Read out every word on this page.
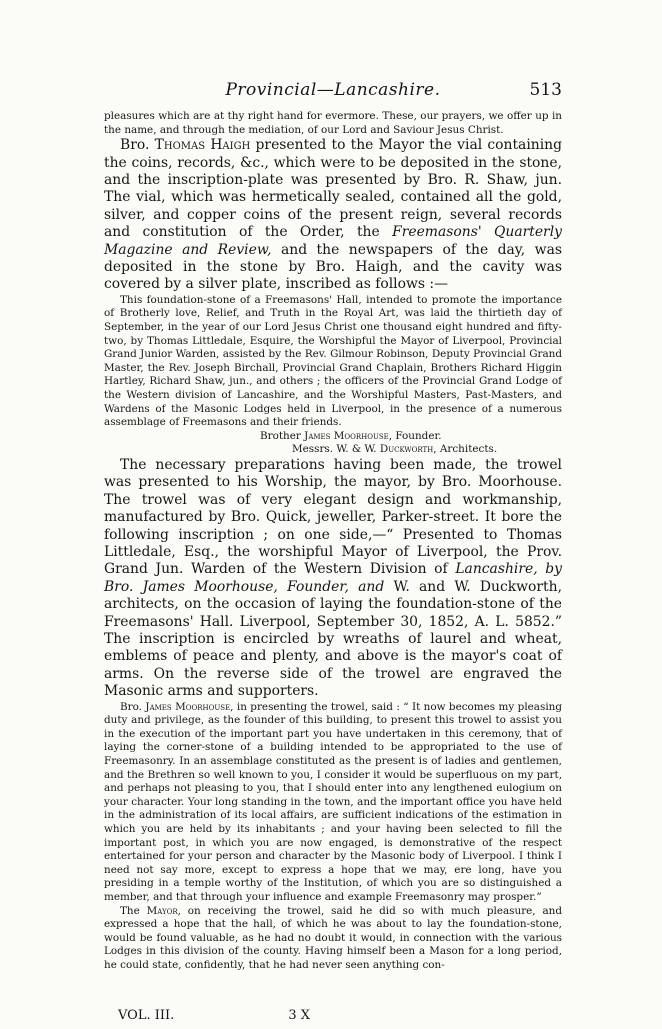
Provincial—Lancashire.	513

pleasures which are at thy right hand for evermore. These, our prayers, we offer up in the name, and through the mediation, of our Lord and Saviour Jesus Christ.

Bro. Thomas Haigh presented to the Mayor the vial containing the coins, records, &c., which were to be deposited in the stone, and the inscription-plate was presented by Bro. R. Shaw, jun. The vial, which was hermetically sealed, contained all the gold, silver, and copper coins of the present reign, several records and constitution of the Order, the Freemasons' Quarterly Magazine and Review, and the newspapers of the day, was deposited in the stone by Bro. Haigh, and the cavity was covered by a silver plate, inscribed as follows :—

This foundation-stone of a Freemasons' Hall, intended to promote the importance of Brotherly love, Relief, and Truth in the Royal Art, was laid the thirtieth day of September, in the year of our Lord Jesus Christ one thousand eight hundred and fifty-two, by Thomas Littledale, Esquire, the Worshipful the Mayor of Liverpool, Provincial Grand Junior Warden, assisted by the Rev. Gilmour Robinson, Deputy Provincial Grand Master, the Rev. Joseph Birchall, Provincial Grand Chaplain, Brothers Richard Higgin Hartley, Richard Shaw, jun., and others ; the officers of the Provincial Grand Lodge of the Western division of Lancashire, and the Worshipful Masters, Past-Masters, and Wardens of the Masonic Lodges held in Liverpool, in the presence of a numerous assemblage of Freemasons and their friends.

Brother James Moorhouse, Founder.
Messrs. W. & W. Duckworth, Architects.

The necessary preparations having been made, the trowel was presented to his Worship, the mayor, by Bro. Moorhouse. The trowel was of very elegant design and workmanship, manufactured by Bro. Quick, jeweller, Parker-street. It bore the following inscription ; on one side,—“ Presented to Thomas Littledale, Esq., the worshipful Mayor of Liverpool, the Prov. Grand Jun. Warden of the Western Division of Lancashire, by Bro. James Moorhouse, Founder, and W. and W. Duckworth, architects, on the occasion of laying the foundation-stone of the Freemasons' Hall. Liverpool, September 30, 1852, A. L. 5852.” The inscription is encircled by wreaths of laurel and wheat, emblems of peace and plenty, and above is the mayor's coat of arms. On the reverse side of the trowel are engraved the Masonic arms and supporters.

Bro. James Moorhouse, in presenting the trowel, said : “ It now becomes my pleasing duty and privilege, as the founder of this building, to present this trowel to assist you in the execution of the important part you have undertaken in this ceremony, that of laying the corner-stone of a building intended to be appropriated to the use of Freemasonry. In an assemblage constituted as the present is of ladies and gentlemen, and the Brethren so well known to you, I consider it would be superfluous on my part, and perhaps not pleasing to you, that I should enter into any lengthened eulogium on your character. Your long standing in the town, and the important office you have held in the administration of its local affairs, are sufficient indications of the estimation in which you are held by its inhabitants ; and your having been selected to fill the important post, in which you are now engaged, is demonstrative of the respect entertained for your person and character by the Masonic body of Liverpool. I think I need not say more, except to express a hope that we may, ere long, have you presiding in a temple worthy of the Institution, of which you are so distinguished a member, and that through your influence and example Freemasonry may prosper.”

The Mayor, on receiving the trowel, said he did so with much pleasure, and expressed a hope that the hall, of which he was about to lay the foundation-stone, would be found valuable, as he had no doubt it would, in connection with the various Lodges in this division of the county. Having himself been a Mason for a long period, he could state, confidently, that he had never seen anything con-

VOL. III.	3 X
